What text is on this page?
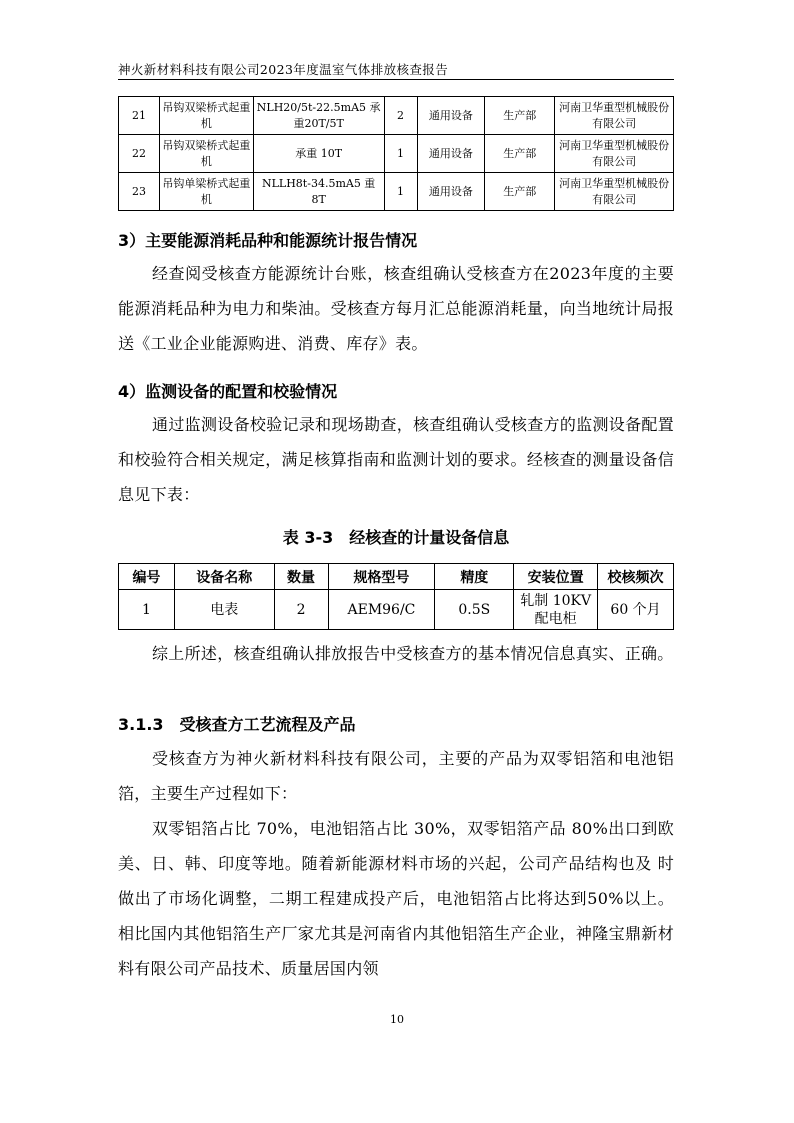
神火新材料科技有限公司2023年度温室气体排放核查报告
21	吊钩双梁桥式起重机	NLH20/5t-22.5mA5 承重20T/5T	2	通用设备	生产部	河南卫华重型机械股份有限公司
22	吊钩双梁桥式起重机	承重 10T	1	通用设备	生产部	河南卫华重型机械股份有限公司
23	吊钩单梁桥式起重机	NLLH8t-34.5mA5 重 8T	1	通用设备	生产部	河南卫华重型机械股份有限公司
3）主要能源消耗品种和能源统计报告情况
经查阅受核查方能源统计台账，核查组确认受核查方在2023年度的主要能源消耗品种为电力和柴油。受核查方每月汇总能源消耗量，向当地统计局报送《工业企业能源购进、消费、库存》表。
4）监测设备的配置和校验情况
通过监测设备校验记录和现场勘查，核查组确认受核查方的监测设备配置和校验符合相关规定，满足核算指南和监测计划的要求。经核查的测量设备信息见下表：
表 3-3　经核查的计量设备信息
编号	设备名称	数量	规格型号	精度	安装位置	校核频次
1	电表	2	AEM96/C	0.5S	轧制 10KV 配电柜	60 个月
综上所述，核查组确认排放报告中受核查方的基本情况信息真实、正确。
3.1.3　受核查方工艺流程及产品
受核查方为神火新材料科技有限公司，主要的产品为双零铝箔和电池铝箔，主要生产过程如下：
双零铝箔占比 70%，电池铝箔占比 30%，双零铝箔产品 80%出口到欧美、日、韩、印度等地。随着新能源材料市场的兴起，公司产品结构也及 时做出了市场化调整，二期工程建成投产后，电池铝箔占比将达到50%以上。相比国内其他铝箔生产厂家尤其是河南省内其他铝箔生产企业，神隆宝鼎新材料有限公司产品技术、质量居国内领
10
